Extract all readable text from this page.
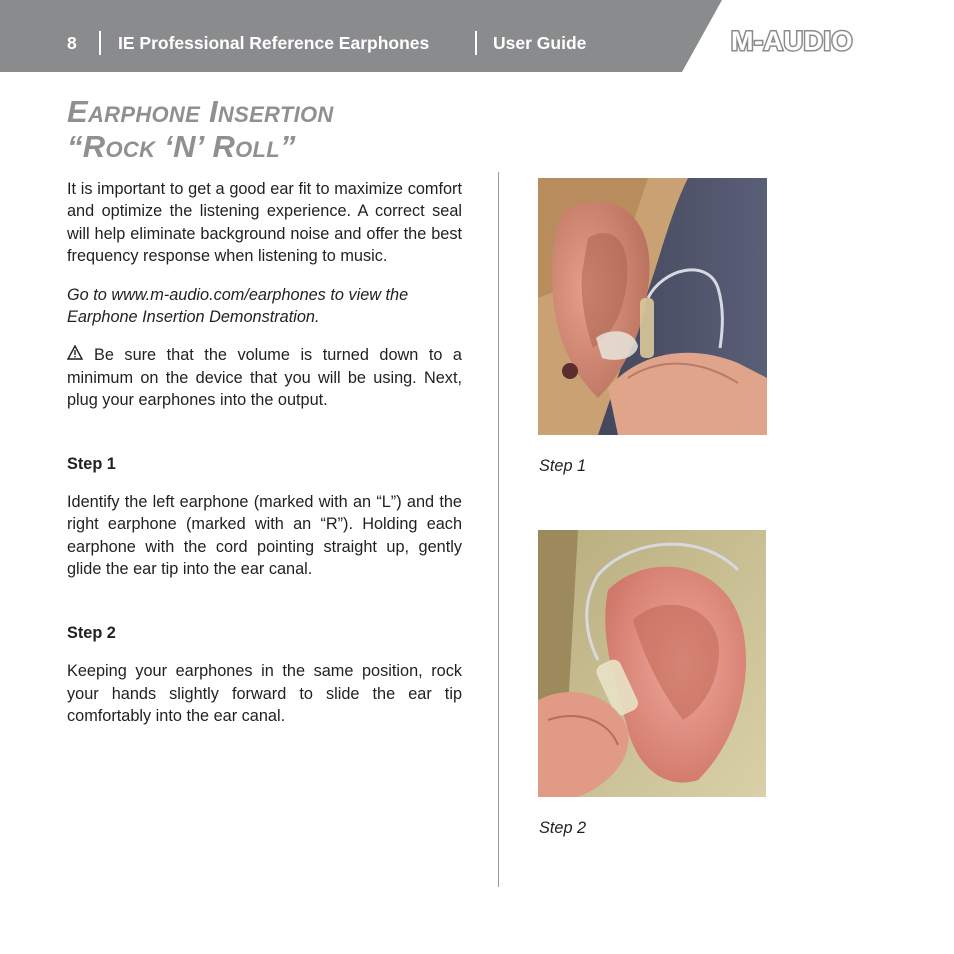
8 IE Professional Reference Earphones	User Guide	M-AUDIO
Earphone Insertion
“Rock ‘N’ Roll”

It is important to get a good ear fit to maximize comfort and optimize the listening experience. A correct seal will help eliminate background noise and offer the best frequency response when listening to music.

Go to www.m-audio.com/earphones to view the Earphone Insertion Demonstration.

Be sure that the volume is turned down to a minimum on the device that you will be using. Next, plug your earphones into the output.

Step 1

Identify the left earphone (marked with an “L”) and the right earphone (marked with an “R”). Holding each earphone with the cord pointing straight up, gently glide the ear tip into the ear canal.

Step 2

Keeping your earphones in the same position, rock your hands slightly forward to slide the ear tip comfortably into the ear canal.

Step 1
Step 2
